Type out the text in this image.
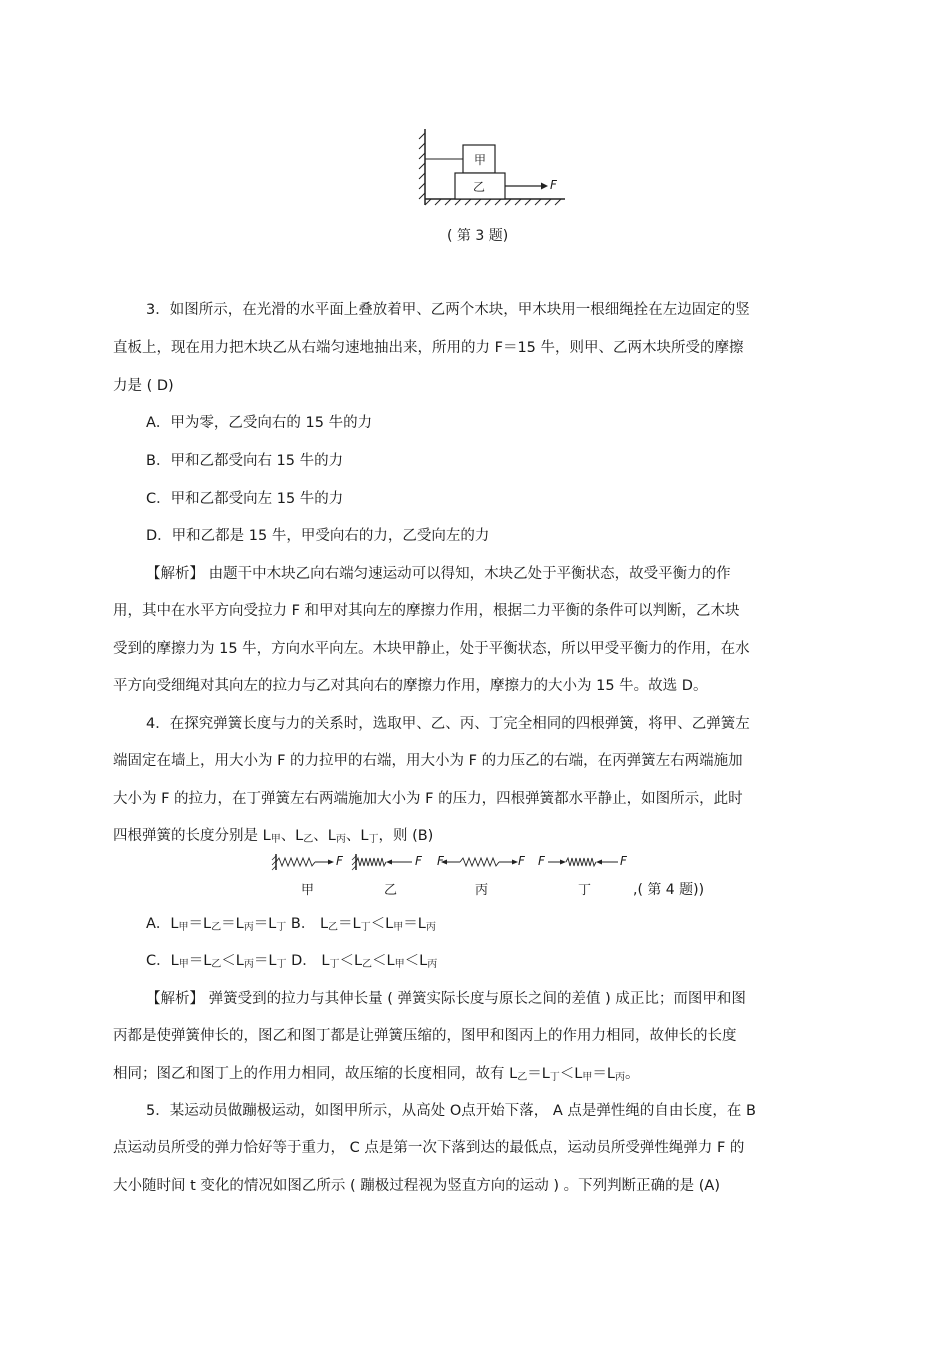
甲
乙	F
( 第 3 题)
3．如图所示，在光滑的水平面上叠放着甲、乙两个木块，甲木块用一根细绳拴在左边固定的竖
直板上，现在用力把木块乙从右端匀速地抽出来，所用的力 F＝15 牛，则甲、乙两木块所受的摩擦
力是 ( D)
A．甲为零，乙受向右的 15 牛的力
B．甲和乙都受向右 15 牛的力
C．甲和乙都受向左 15 牛的力
D．甲和乙都是 15 牛，甲受向右的力，乙受向左的力
【解析】 由题干中木块乙向右端匀速运动可以得知，木块乙处于平衡状态，故受平衡力的作
用，其中在水平方向受拉力 F 和甲对其向左的摩擦力作用，根据二力平衡的条件可以判断，乙木块
受到的摩擦力为 15 牛，方向水平向左。木块甲静止，处于平衡状态，所以甲受平衡力的作用，在水
平方向受细绳对其向左的拉力与乙对其向右的摩擦力作用，摩擦力的大小为 15 牛。故选 D。
4．在探究弹簧长度与力的关系时，选取甲、乙、丙、丁完全相同的四根弹簧，将甲、乙弹簧左
端固定在墙上，用大小为 F 的力拉甲的右端，用大小为 F 的力压乙的右端，在丙弹簧左右两端施加
大小为 F 的拉力，在丁弹簧左右两端施加大小为 F 的压力，四根弹簧都水平静止，如图所示，此时
四根弹簧的长度分别是 L甲、L乙、L丙、L丁，则 (B)
F	F F	F F	F
甲	乙	丙	丁	,( 第 4 题))
A．L甲＝L乙＝L丙＝L丁 B． L乙＝L丁＜L甲＝L丙
C．L甲＝L乙＜L丙＝L丁 D． L丁＜L乙＜L甲＜L丙
【解析】 弹簧受到的拉力与其伸长量 ( 弹簧实际长度与原长之间的差值 ) 成正比；而图甲和图
丙都是使弹簧伸长的，图乙和图丁都是让弹簧压缩的，图甲和图丙上的作用力相同，故伸长的长度
相同；图乙和图丁上的作用力相同，故压缩的长度相同，故有 L乙＝L丁＜L甲＝L丙。
5．某运动员做蹦极运动，如图甲所示，从高处 O点开始下落， A 点是弹性绳的自由长度，在 B
点运动员所受的弹力恰好等于重力， C 点是第一次下落到达的最低点，运动员所受弹性绳弹力 F 的
大小随时间 t 变化的情况如图乙所示 ( 蹦极过程视为竖直方向的运动 ) 。下列判断正确的是 (A)
